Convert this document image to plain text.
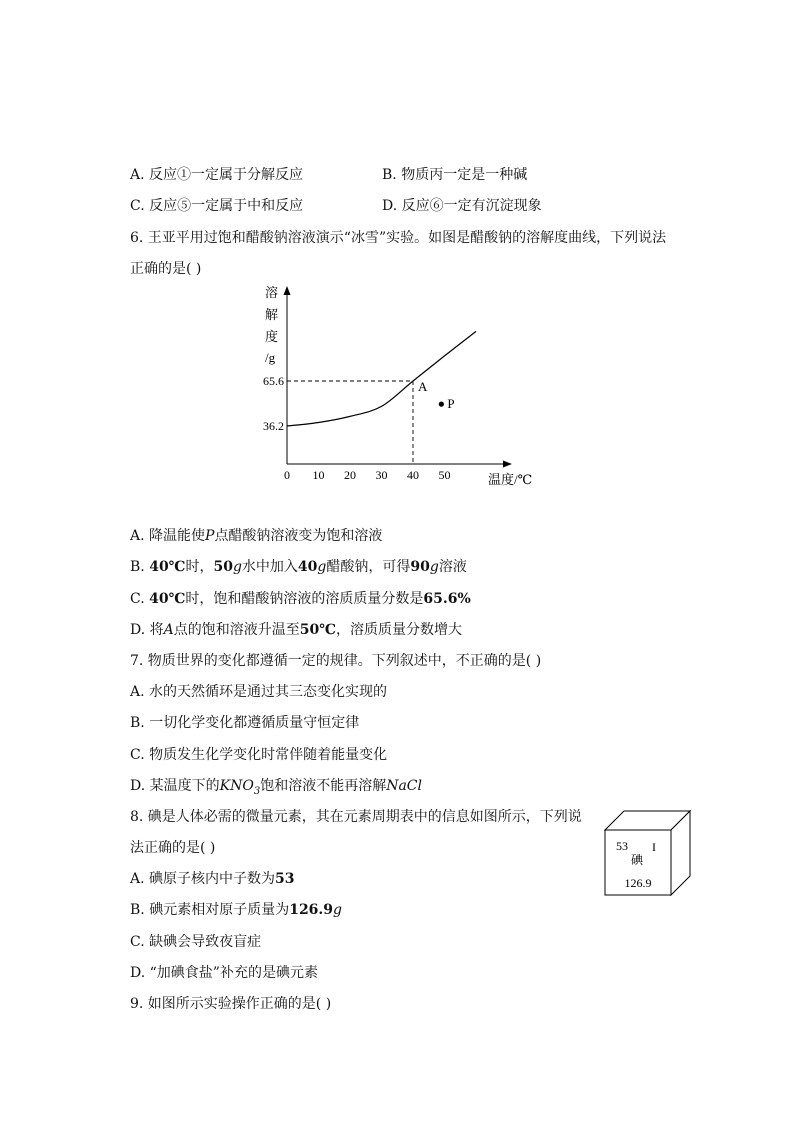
A. 反应①一定属于分解反应	B. 物质丙一定是一种碱
C. 反应⑤一定属于中和反应	D. 反应⑥一定有沉淀现象
6. 王亚平用过饱和醋酸钠溶液演示“冰雪”实验。如图是醋酸钠的溶解度曲线，下列说法
正确的是( )
溶
解
度
/g
36.2
65.6
0 10 20 30 40 50
A
P
温度/℃
A. 降温能使P点醋酸钠溶液变为饱和溶液
B. 40℃时，50g水中加入40g醋酸钠，可得90g溶液
C. 40℃时，饱和醋酸钠溶液的溶质质量分数是65.6%
D. 将A点的饱和溶液升温至50℃，溶质质量分数增大
7. 物质世界的变化都遵循一定的规律。下列叙述中，不正确的是( )
A. 水的天然循环是通过其三态变化实现的
B. 一切化学变化都遵循质量守恒定律
C. 物质发生化学变化时常伴随着能量变化
D. 某温度下的$KNO_3$饱和溶液不能再溶解NaCl
8. 碘是人体必需的微量元素，其在元素周期表中的信息如图所示，下列说
法正确的是( )
A. 碘原子核内中子数为53
B. 碘元素相对原子质量为126.9g
C. 缺碘会导致夜盲症
D. “加碘食盐”补充的是碘元素
53 I
碘
126.9
9. 如图所示实验操作正确的是( )
